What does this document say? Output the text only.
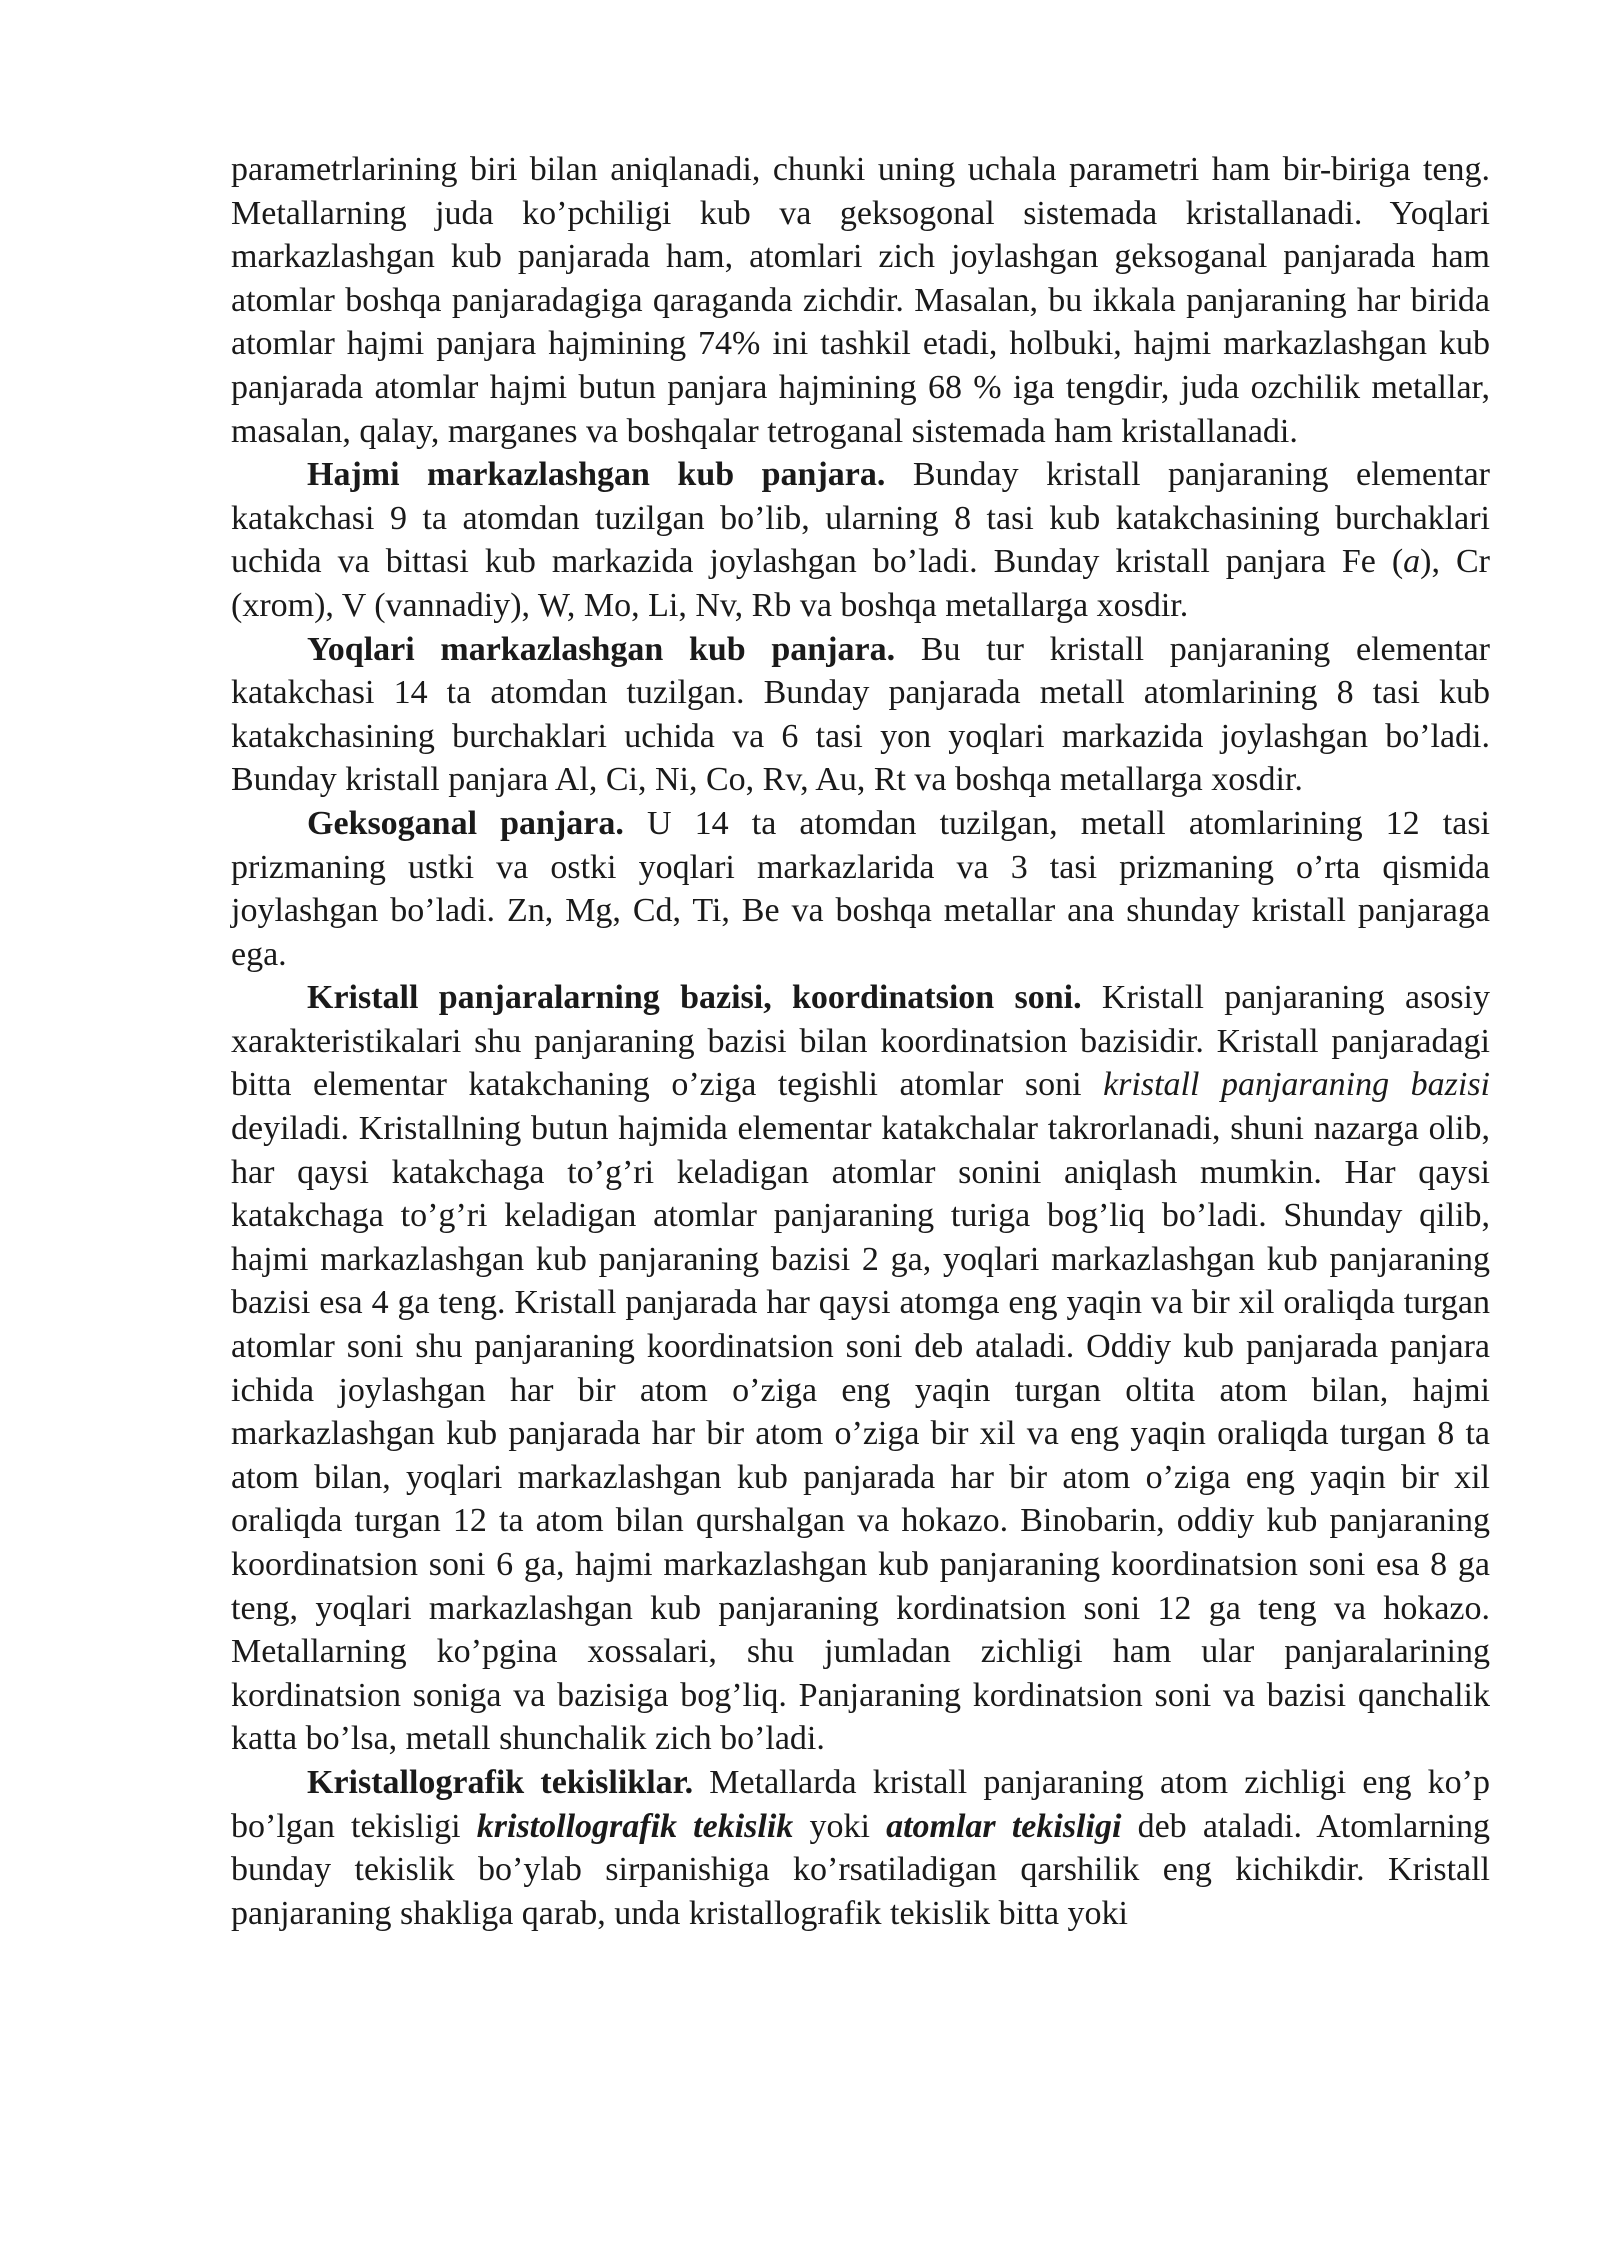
parametrlarining biri bilan aniqlanadi, chunki uning uchala parametri ham bir-biriga teng. Metallarning juda ko’pchiligi kub va geksogonal sistemada kristallanadi. Yoqlari markazlashgan kub panjarada ham, atomlari zich joylashgan geksoganal panjarada ham atomlar boshqa panjaradagiga qaraganda zichdir. Masalan, bu ikkala panjaraning har birida atomlar hajmi panjara hajmining 74% ini tashkil etadi, holbuki, hajmi markazlashgan kub panjarada atomlar hajmi butun panjara hajmining 68 % iga tengdir, juda ozchilik metallar, masalan, qalay, marganes va boshqalar tetroganal sistemada ham kristallanadi.

Hajmi markazlashgan kub panjara. Bunday kristall panjaraning elementar katakchasi 9 ta atomdan tuzilgan bo’lib, ularning 8 tasi kub katakchasining burchaklari uchida va bittasi kub markazida joylashgan bo’ladi. Bunday kristall panjara Fe (a), Cr (xrom), V (vannadiy), W, Mo, Li, Nv, Rb va boshqa metallarga xosdir.

Yoqlari markazlashgan kub panjara. Bu tur kristall panjaraning elementar katakchasi 14 ta atomdan tuzilgan. Bunday panjarada metall atomlarining 8 tasi kub katakchasining burchaklari uchida va 6 tasi yon yoqlari markazida joylashgan bo’ladi. Bunday kristall panjara Al, Ci, Ni, Co, Rv, Au, Rt va boshqa metallarga xosdir.

Geksoganal panjara. U 14 ta atomdan tuzilgan, metall atomlarining 12 tasi prizmaning ustki va ostki yoqlari markazlarida va 3 tasi prizmaning o’rta qismida joylashgan bo’ladi. Zn, Mg, Cd, Ti, Be va boshqa metallar ana shunday kristall panjaraga ega.

Kristall panjaralarning bazisi, koordinatsion soni. Kristall panjaraning asosiy xarakteristikalari shu panjaraning bazisi bilan koordinatsion bazisidir. Kristall panjaradagi bitta elementar katakchaning o’ziga tegishli atomlar soni kristall panjaraning bazisi deyiladi. Kristallning butun hajmida elementar katakchalar takrorlanadi, shuni nazarga olib, har qaysi katakchaga to’g’ri keladigan atomlar sonini aniqlash mumkin. Har qaysi katakchaga to’g’ri keladigan atomlar panjaraning turiga bog’liq bo’ladi. Shunday qilib, hajmi markazlashgan kub panjaraning bazisi 2 ga, yoqlari markazlashgan kub panjaraning bazisi esa 4 ga teng. Kristall panjarada har qaysi atomga eng yaqin va bir xil oraliqda turgan atomlar soni shu panjaraning koordinatsion soni deb ataladi. Oddiy kub panjarada panjara ichida joylashgan har bir atom o’ziga eng yaqin turgan oltita atom bilan, hajmi markazlashgan kub panjarada har bir atom o’ziga bir xil va eng yaqin oraliqda turgan 8 ta atom bilan, yoqlari markazlashgan kub panjarada har bir atom o’ziga eng yaqin bir xil oraliqda turgan 12 ta atom bilan qurshalgan va hokazo. Binobarin, oddiy kub panjaraning koordinatsion soni 6 ga, hajmi markazlashgan kub panjaraning koordinatsion soni esa 8 ga teng, yoqlari markazlashgan kub panjaraning kordinatsion soni 12 ga teng va hokazo. Metallarning ko’pgina xossalari, shu jumladan zichligi ham ular panjaralarining kordinatsion soniga va bazisiga bog’liq. Panjaraning kordinatsion soni va bazisi qanchalik katta bo’lsa, metall shunchalik zich bo’ladi.

Kristallografik tekisliklar. Metallarda kristall panjaraning atom zichligi eng ko’p bo’lgan tekisligi kristollografik tekislik yoki atomlar tekisligi deb ataladi. Atomlarning bunday tekislik bo’ylab sirpanishiga ko’rsatiladigan qarshilik eng kichikdir. Kristall panjaraning shakliga qarab, unda kristallografik tekislik bitta yoki
